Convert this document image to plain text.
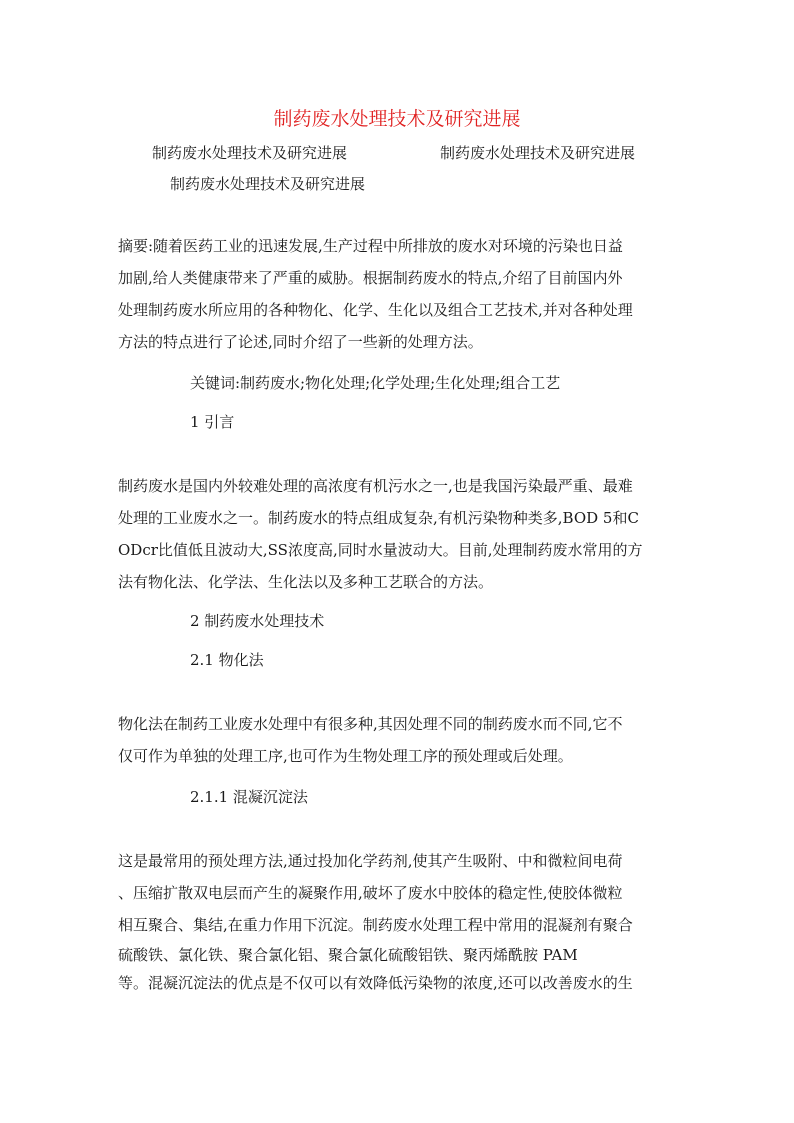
制药废水处理技术及研究进展
制药废水处理技术及研究进展	制药废水处理技术及研究进展
制药废水处理技术及研究进展
摘要:随着医药工业的迅速发展,生产过程中所排放的废水对环境的污染也日益
加剧,给人类健康带来了严重的威胁。根据制药废水的特点,介绍了目前国内外
处理制药废水所应用的各种物化、化学、生化以及组合工艺技术,并对各种处理
方法的特点进行了论述,同时介绍了一些新的处理方法。
关键词:制药废水;物化处理;化学处理;生化处理;组合工艺
1 引言
制药废水是国内外较难处理的高浓度有机污水之一,也是我国污染最严重、最难
处理的工业废水之一。制药废水的特点组成复杂,有机污染物种类多,BOD 5和C
ODcr比值低且波动大,SS浓度高,同时水量波动大。目前,处理制药废水常用的方
法有物化法、化学法、生化法以及多种工艺联合的方法。
2 制药废水处理技术
2.1 物化法
物化法在制药工业废水处理中有很多种,其因处理不同的制药废水而不同,它不
仅可作为单独的处理工序,也可作为生物处理工序的预处理或后处理。
2.1.1 混凝沉淀法
这是最常用的预处理方法,通过投加化学药剂,使其产生吸附、中和微粒间电荷
、压缩扩散双电层而产生的凝聚作用,破坏了废水中胶体的稳定性,使胶体微粒
相互聚合、集结,在重力作用下沉淀。制药废水处理工程中常用的混凝剂有聚合
硫酸铁、氯化铁、聚合氯化铝、聚合氯化硫酸铝铁、聚丙烯酰胺 PAM
等。混凝沉淀法的优点是不仅可以有效降低污染物的浓度,还可以改善废水的生
